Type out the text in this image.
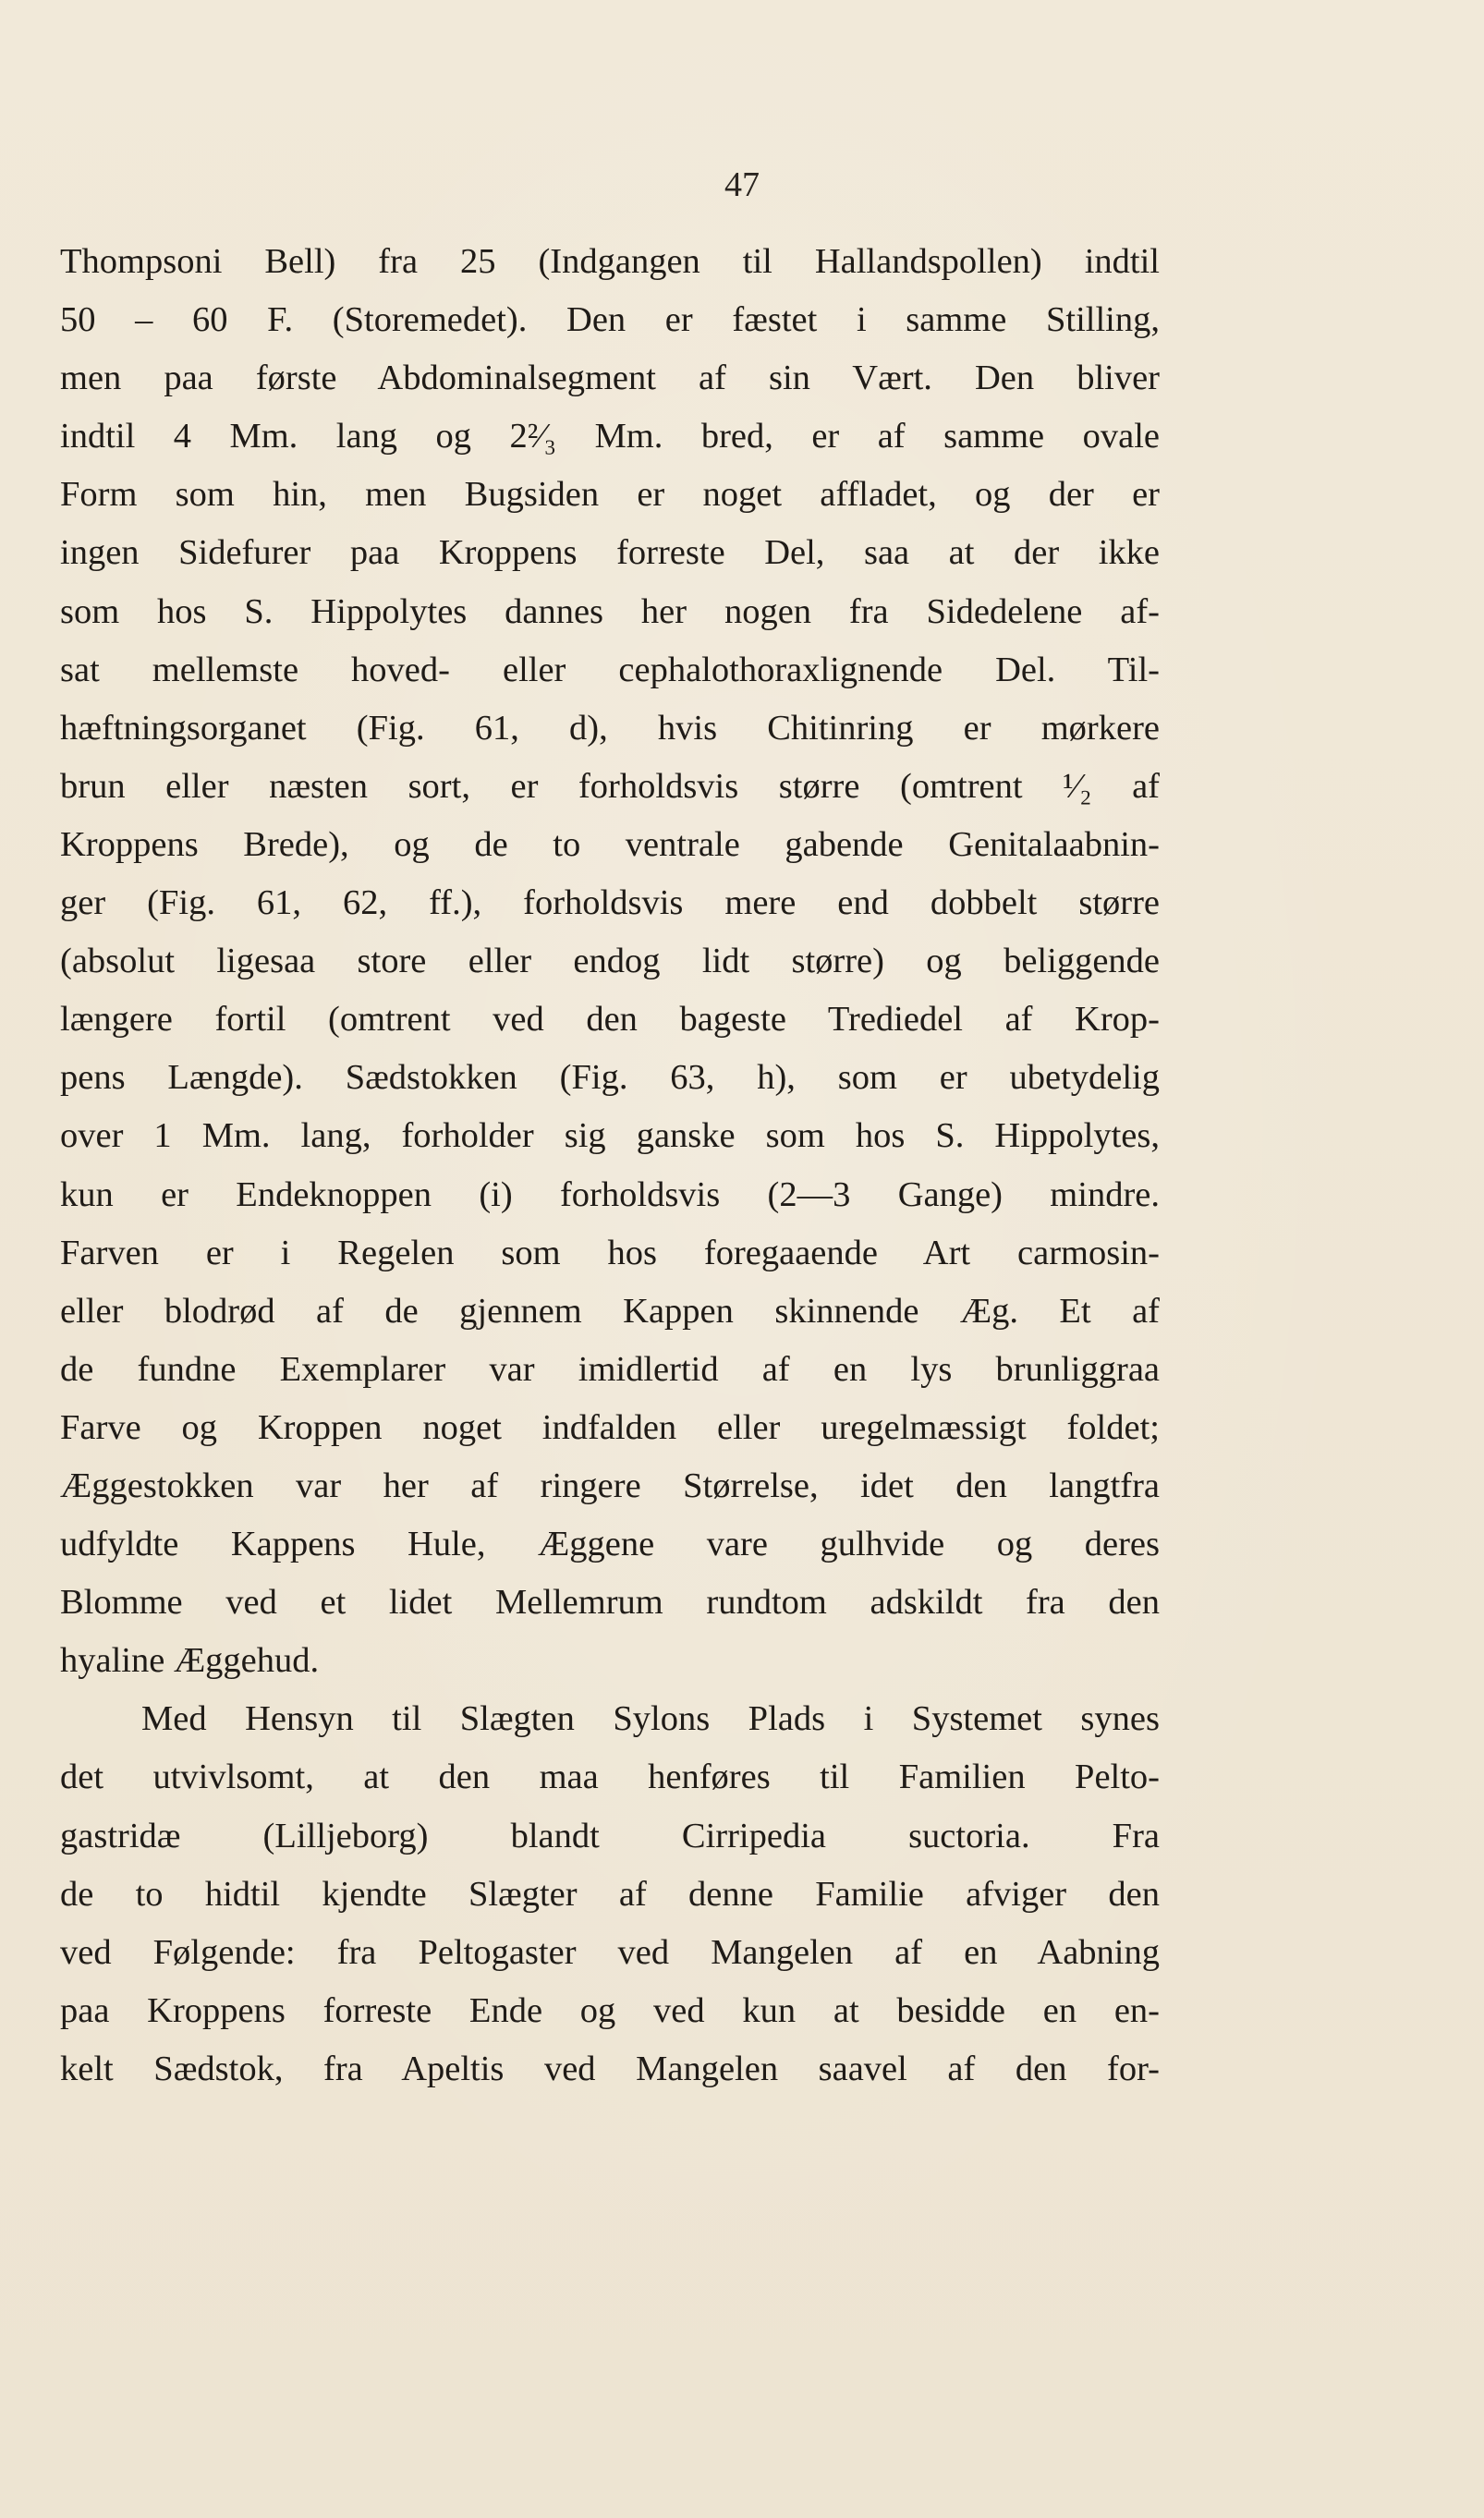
47
Thompsoni Bell) fra 25 (Indgangen til Hallandspollen) indtil
50 – 60 F. (Storemedet). Den er fæstet i samme Stilling,
men paa første Abdominalsegment af sin Vært. Den bliver
indtil 4 Mm. lang og 2²⁄₃ Mm. bred, er af samme ovale
Form som hin, men Bugsiden er noget affladet, og der er
ingen Sidefurer paa Kroppens forreste Del, saa at der ikke
som hos S. Hippolytes dannes her nogen fra Sidedelene af-
sat mellemste hoved- eller cephalothoraxlignende Del. Til-
hæftningsorganet (Fig. 61, d), hvis Chitinring er mørkere
brun eller næsten sort, er forholdsvis større (omtrent ¹⁄₂ af
Kroppens Brede), og de to ventrale gabende Genitalaabnin-
ger (Fig. 61, 62, ff.), forholdsvis mere end dobbelt større
(absolut ligesaa store eller endog lidt større) og beliggende
længere fortil (omtrent ved den bageste Trediedel af Krop-
pens Længde). Sædstokken (Fig. 63, h), som er ubetydelig
over 1 Mm. lang, forholder sig ganske som hos S. Hippolytes,
kun er Endeknoppen (i) forholdsvis (2—3 Gange) mindre.
Farven er i Regelen som hos foregaaende Art carmosin-
eller blodrød af de gjennem Kappen skinnende Æg. Et af
de fundne Exemplarer var imidlertid af en lys brunliggraa
Farve og Kroppen noget indfalden eller uregelmæssigt foldet;
Æggestokken var her af ringere Størrelse, idet den langtfra
udfyldte Kappens Hule, Æggene vare gulhvide og deres
Blomme ved et lidet Mellemrum rundtom adskildt fra den
hyaline Æggehud.
Med Hensyn til Slægten Sylons Plads i Systemet synes
det utvivlsomt, at den maa henføres til Familien Pelto-
gastridæ (Lilljeborg) blandt Cirripedia suctoria. Fra
de to hidtil kjendte Slægter af denne Familie afviger den
ved Følgende: fra Peltogaster ved Mangelen af en Aabning
paa Kroppens forreste Ende og ved kun at besidde en en-
kelt Sædstok, fra Apeltis ved Mangelen saavel af den for-
